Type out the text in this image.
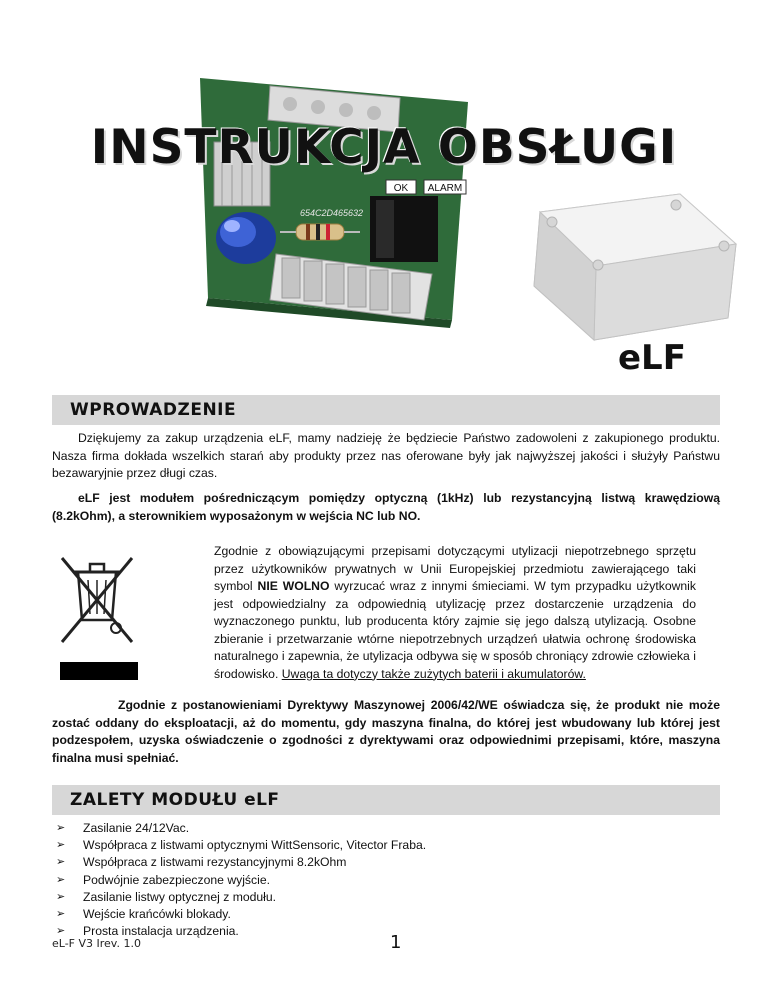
OK ALARM
654C2D465632
INSTRUKCJA OBSŁUGI
eLF
WPROWADZENIE
Dziękujemy za zakup urządzenia eLF, mamy nadzieję że będziecie Państwo zadowoleni z zakupionego produktu. Nasza firma dokłada wszelkich starań aby produkty przez nas oferowane były jak najwyższej jakości i służyły Państwu bezawaryjnie przez długi czas.
eLF jest modułem pośredniczącym pomiędzy optyczną (1kHz) lub rezystancyjną listwą krawędziową (8.2kOhm), a sterownikiem wyposażonym w wejścia NC lub NO.
Zgodnie z obowiązującymi przepisami dotyczącymi utylizacji niepotrzebnego sprzętu przez użytkowników prywatnych w Unii Europejskiej przedmiotu zawierającego taki symbol NIE WOLNO wyrzucać wraz z innymi śmieciami. W tym przypadku użytkownik jest odpowiedzialny za odpowiednią utylizację przez dostarczenie urządzenia do wyznaczonego punktu, lub producenta który zajmie się jego dalszą utylizacją. Osobne zbieranie i przetwarzanie wtórne niepotrzebnych urządzeń ułatwia ochronę środowiska naturalnego i zapewnia, że utylizacja odbywa się w sposób chroniący zdrowie człowieka i środowisko. Uwaga ta dotyczy także zużytych baterii i akumulatorów.
Zgodnie z postanowieniami Dyrektywy Maszynowej 2006/42/WE oświadcza się, że produkt nie może zostać oddany do eksploatacji, aż do momentu, gdy maszyna finalna, do której jest wbudowany lub której jest podzespołem, uzyska oświadczenie o zgodności z dyrektywami oraz odpowiednimi przepisami, które, maszyna finalna musi spełniać.
ZALETY MODUŁU eLF
➢	Zasilanie 24/12Vac.
➢	Współpraca z listwami optycznymi WittSensoric, Vitector Fraba.
➢	Współpraca z listwami rezystancyjnymi 8.2kOhm
➢	Podwójnie zabezpieczone wyjście.
➢	Zasilanie listwy optycznej z modułu.
➢	Wejście krańcówki blokady.
➢	Prosta instalacja urządzenia.
eL-F V3 Irev. 1.0	1
